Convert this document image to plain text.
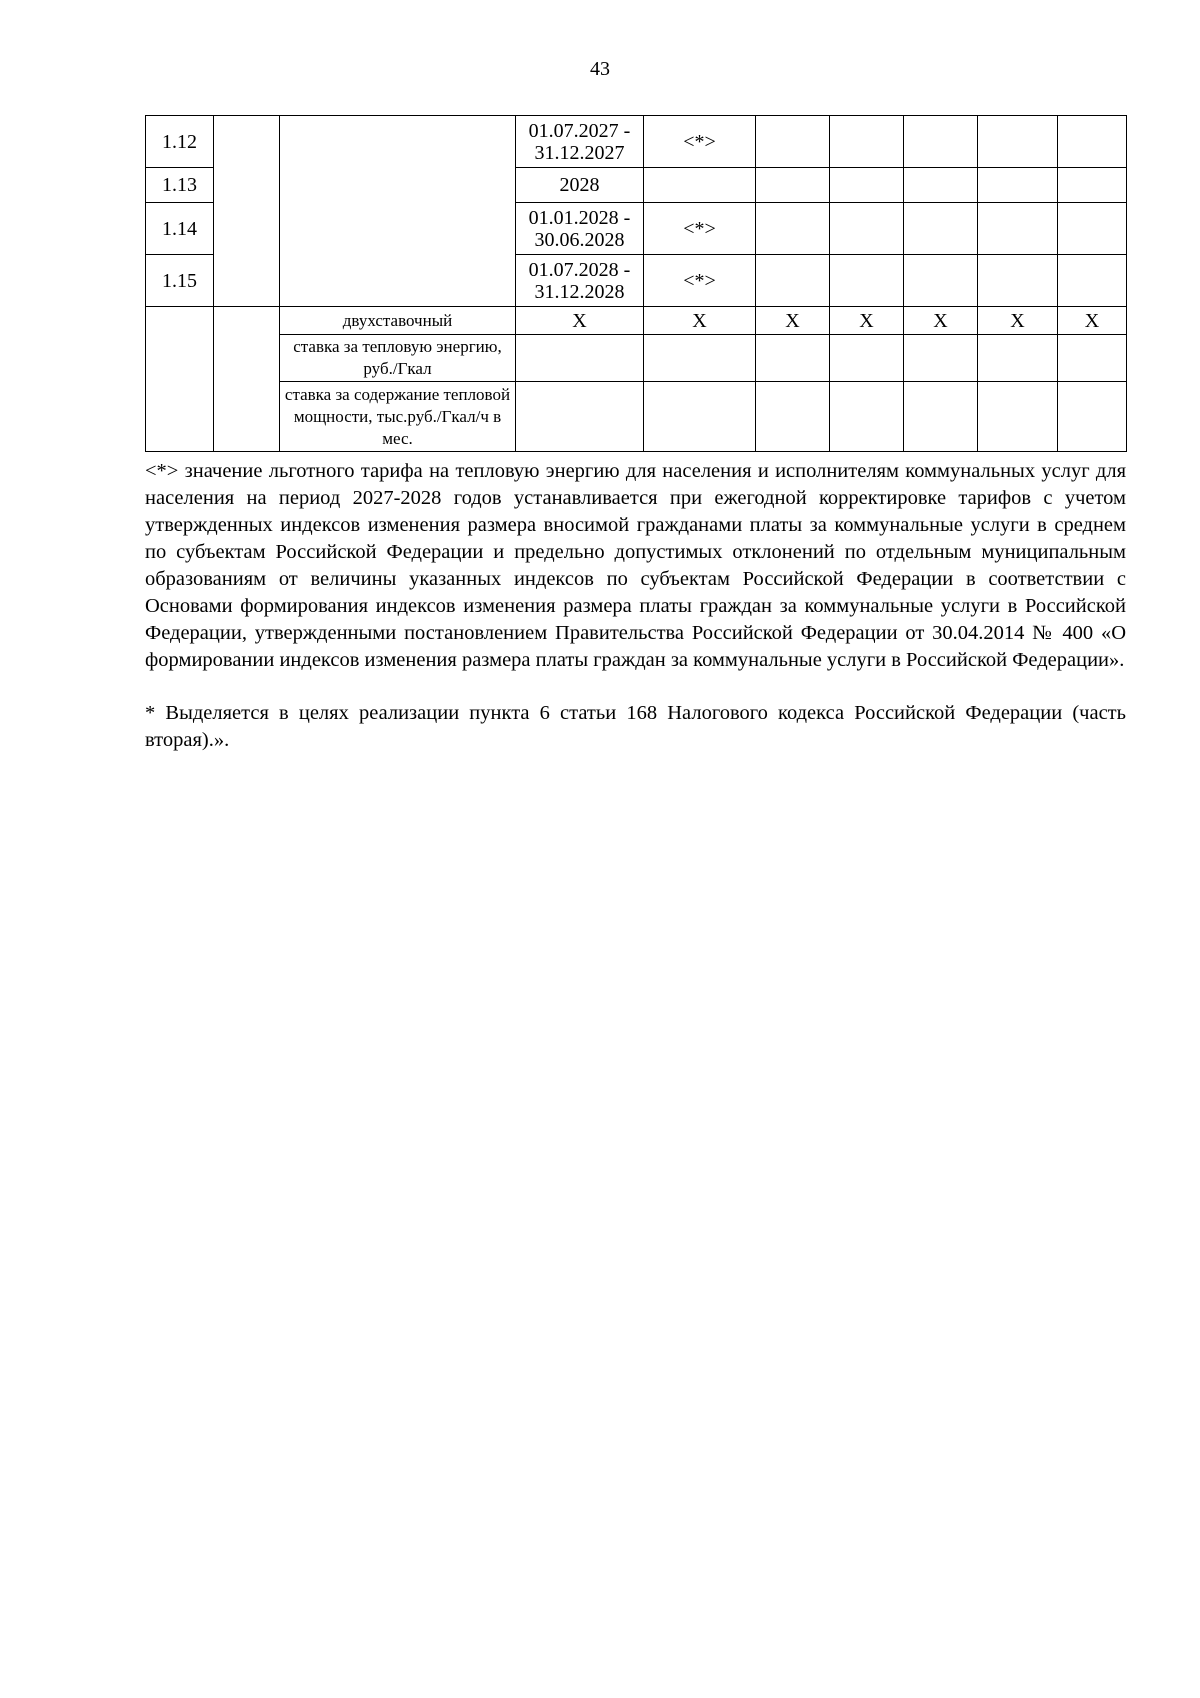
43
1.12			01.07.2027 - 31.12.2027	<*>					
1.13			2028						
1.14			01.01.2028 - 30.06.2028	<*>					
1.15			01.07.2028 - 31.12.2028	<*>					
		двухставочный	X	X	X	X	X	X	X
		ставка за тепловую энергию, руб./Гкал							
		ставка за содержание тепловой мощности, тыс.руб./Гкал/ч в мес.							

<*> значение льготного тарифа на тепловую энергию для населения и исполнителям коммунальных услуг для населения на период 2027-2028 годов устанавливается при ежегодной корректировке тарифов с учетом утвержденных индексов изменения размера вносимой гражданами платы за коммунальные услуги в среднем по субъектам Российской Федерации и предельно допустимых отклонений по отдельным муниципальным образованиям от величины указанных индексов по субъектам Российской Федерации в соответствии с Основами формирования индексов изменения размера платы граждан за коммунальные услуги в Российской Федерации, утвержденными постановлением Правительства Российской Федерации от 30.04.2014 № 400 «О формировании индексов изменения размера платы граждан за коммунальные услуги в Российской Федерации».

* Выделяется в целях реализации пункта 6 статьи 168 Налогового кодекса Российской Федерации (часть вторая).».
